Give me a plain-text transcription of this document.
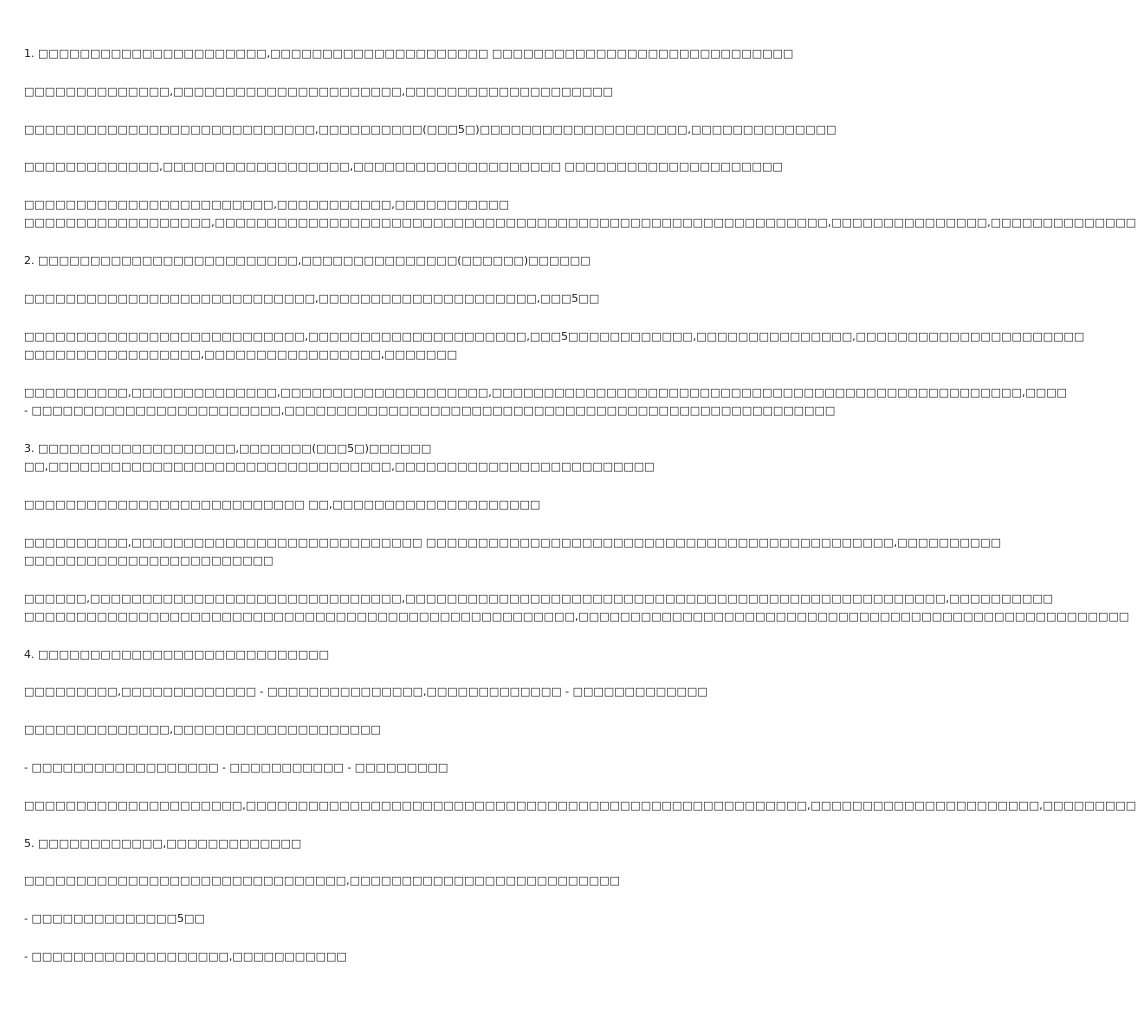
1. □□□□□□□□□□□□□□□□□□□□□□,□□□□□□□□□□□□□□□□□□□□□ □□□□□□□□□□□□□□□□□□□□□□□□□□□□□

□□□□□□□□□□□□□□,□□□□□□□□□□□□□□□□□□□□□□,□□□□□□□□□□□□□□□□□□□□

□□□□□□□□□□□□□□□□□□□□□□□□□□□□,□□□□□□□□□□(□□□5□)□□□□□□□□□□□□□□□□□□□□,□□□□□□□□□□□□□□

□□□□□□□□□□□□□,□□□□□□□□□□□□□□□□□□,□□□□□□□□□□□□□□□□□□□□ □□□□□□□□□□□□□□□□□□□□□

□□□□□□□□□□□□□□□□□□□□□□□□,□□□□□□□□□□□,□□□□□□□□□□□
□□□□□□□□□□□□□□□□□□,□□□□□□□□□□□□□□□□□□□□□□□□□□□□□□□□□□□□□□□□□□□□□□□□□□□□□□□□□□□,□□□□□□□□□□□□□□□,□□□□□□□□□□□□□□

2. □□□□□□□□□□□□□□□□□□□□□□□□□,□□□□□□□□□□□□□□□(□□□□□□)□□□□□□

□□□□□□□□□□□□□□□□□□□□□□□□□□□□,□□□□□□□□□□□□□□□□□□□□□,□□□5□□

□□□□□□□□□□□□□□□□□□□□□□□□□□□,□□□□□□□□□□□□□□□□□□□□□,□□□5□□□□□□□□□□□□,□□□□□□□□□□□□□□□,□□□□□□□□□□□□□□□□□□□□□□
□□□□□□□□□□□□□□□□□,□□□□□□□□□□□□□□□□□,□□□□□□□

□□□□□□□□□□,□□□□□□□□□□□□□□,□□□□□□□□□□□□□□□□□□□□,□□□□□□□□□□□□□□□□□□□□□□□□□□□□□□□□□□□□□□□□□□□□□□□□□□□,□□□□
- □□□□□□□□□□□□□□□□□□□□□□□□,□□□□□□□□□□□□□□□□□□□□□□□□□□□□□□□□□□□□□□□□□□□□□□□□□□□□□

3. □□□□□□□□□□□□□□□□□□□,□□□□□□□(□□□5□)□□□□□□
□□,□□□□□□□□□□□□□□□□□□□□□□□□□□□□□□□□□,□□□□□□□□□□□□□□□□□□□□□□□□□

□□□□□□□□□□□□□□□□□□□□□□□□□□□ □□,□□□□□□□□□□□□□□□□□□□□

□□□□□□□□□□,□□□□□□□□□□□□□□□□□□□□□□□□□□□□ □□□□□□□□□□□□□□□□□□□□□□□□□□□□□□□□□□□□□□□□□□□□□,□□□□□□□□□□
□□□□□□□□□□□□□□□□□□□□□□□□

□□□□□□,□□□□□□□□□□□□□□□□□□□□□□□□□□□□□□,□□□□□□□□□□□□□□□□□□□□□□□□□□□□□□□□□□□□□□□□□□□□□□□□□□□□,□□□□□□□□□□
□□□□□□□□□□□□□□□□□□□□□□□□□□□□□□□□□□□□□□□□□□□□□□□□□□□□□,□□□□□□□□□□□□□□□□□□□□□□□□□□□□□□□□□□□□□□□□□□□□□□□□□□□□□

4. □□□□□□□□□□□□□□□□□□□□□□□□□□□□

□□□□□□□□□,□□□□□□□□□□□□□ - □□□□□□□□□□□□□□□,□□□□□□□□□□□□□ - □□□□□□□□□□□□□

□□□□□□□□□□□□□□,□□□□□□□□□□□□□□□□□□□□

- □□□□□□□□□□□□□□□□□□ - □□□□□□□□□□□ - □□□□□□□□□

□□□□□□□□□□□□□□□□□□□□□,□□□□□□□□□□□□□□□□□□□□□□□□□□□□□□□□□□□□□□□□□□□□□□□□□□□□□□,□□□□□□□□□□□□□□□□□□□□□□,□□□□□□□□□

5. □□□□□□□□□□□□,□□□□□□□□□□□□□

□□□□□□□□□□□□□□□□□□□□□□□□□□□□□□□,□□□□□□□□□□□□□□□□□□□□□□□□□□

- □□□□□□□□□□□□□□5□□

- □□□□□□□□□□□□□□□□□□□,□□□□□□□□□□□
